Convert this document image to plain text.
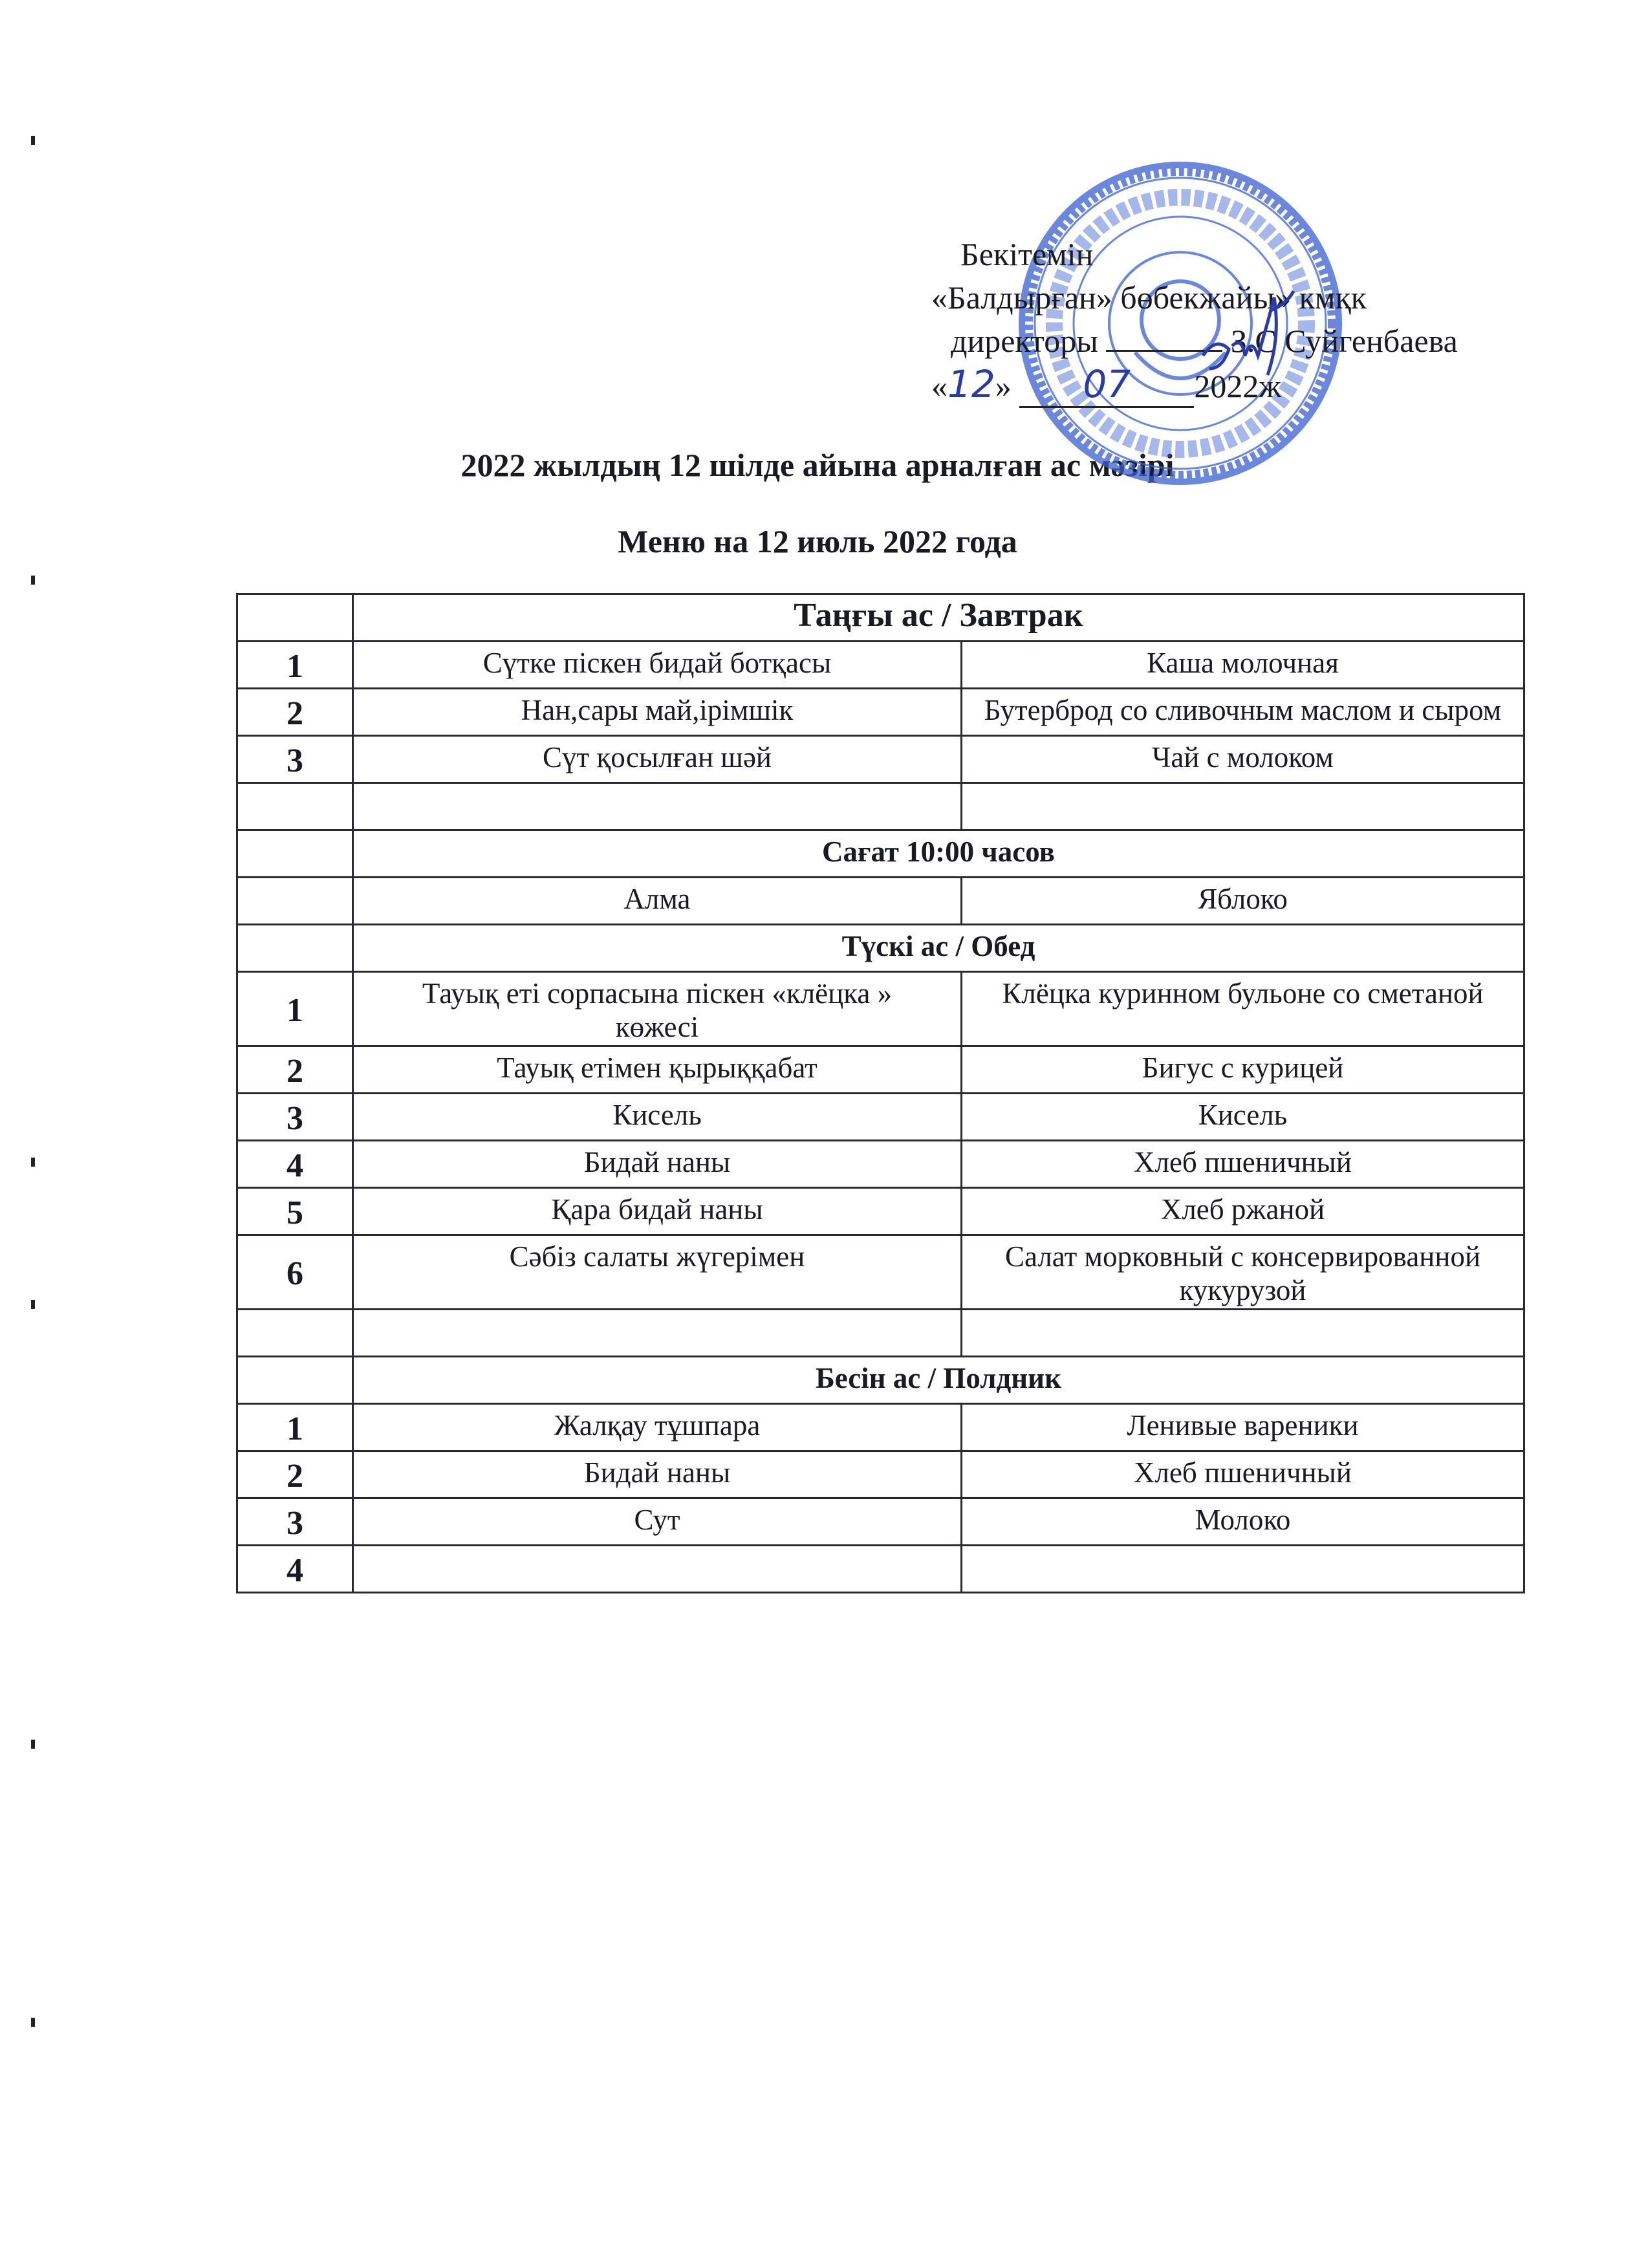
Бекітемін
«Балдырған» бөбекжайы» кмқк
директоры	З.С Суйгенбаева
«12» 07 2022ж
2022 жылдың 12 шілде айына арналған ас мәзірі
Меню на 12 июль 2022 года
	Таңғы ас / Завтрак	
1	Сүтке піскен бидай ботқасы	Каша молочная
2	Нан,сары май,ірімшік	Бутерброд со сливочным маслом и сыром
3	Сүт қосылған шәй	Чай с молоком

	Сағат 10:00 часов	
	Алма	Яблоко
	Түскі ас / Обед	
1	Тауық еті сорпасына піскен «клёцка » көжесі	Клёцка куринном бульоне со сметаной
2	Тауық етімен қырыққабат	Бигус с курицей
3	Кисель	Кисель
4	Бидай наны	Хлеб пшеничный
5	Қара бидай наны	Хлеб ржаной
6	Сәбіз салаты жүгерімен	Салат морковный с консервированной кукурузой

	Бесін ас / Полдник	
1	Жалқау тұшпара	Ленивые вареники
2	Бидай наны	Хлеб пшеничный
3	Сут	Молоко
4		
